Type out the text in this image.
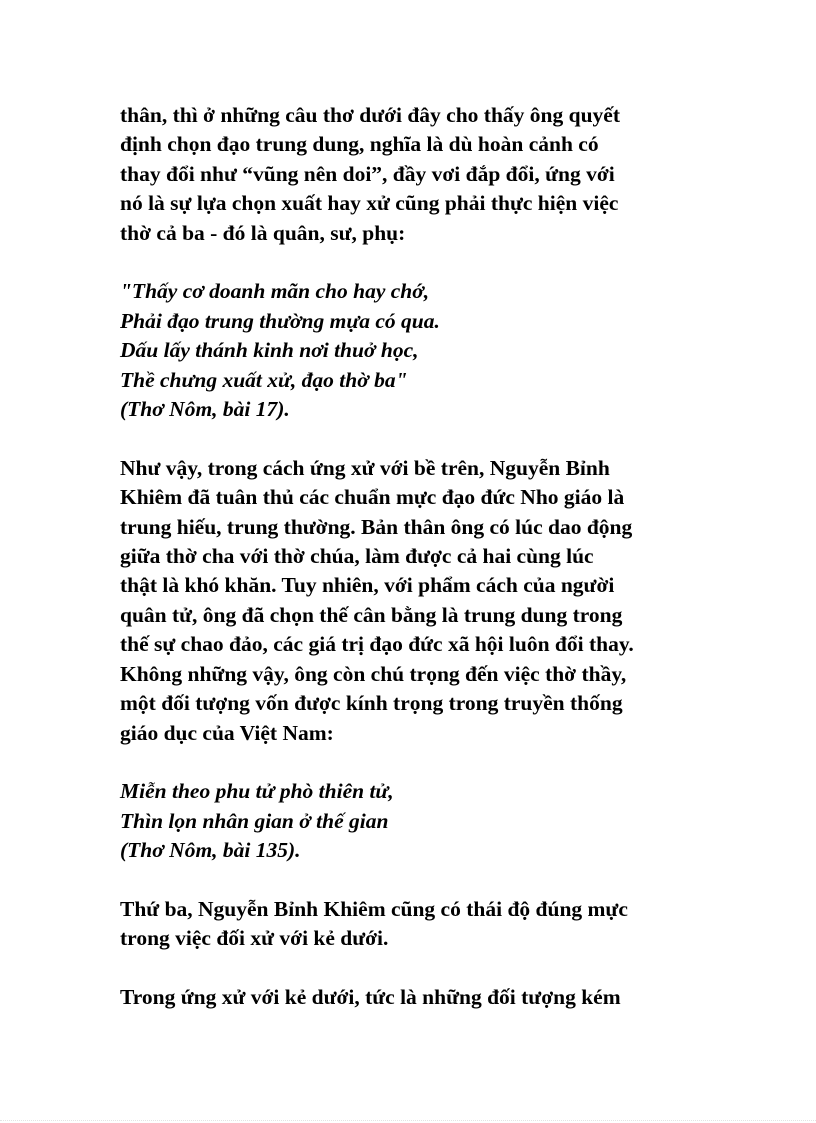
thân, thì ở những câu thơ dưới đây cho thấy ông quyết
định chọn đạo trung dung, nghĩa là dù hoàn cảnh có
thay đổi như “vũng nên doi”, đầy vơi đắp đổi, ứng với
nó là sự lựa chọn xuất hay xử cũng phải thực hiện việc
thờ cả ba - đó là quân, sư, phụ:
"Thấy cơ doanh mãn cho hay chớ,
Phải đạo trung thường mựa có qua.
Dấu lấy thánh kinh nơi thuở học,
Thề chưng xuất xử, đạo thờ ba"
(Thơ Nôm, bài 17).
Như vậy, trong cách ứng xử với bề trên, Nguyễn Bỉnh
Khiêm đã tuân thủ các chuẩn mực đạo đức Nho giáo là
trung hiếu, trung thường. Bản thân ông có lúc dao động
giữa thờ cha với thờ chúa, làm được cả hai cùng lúc
thật là khó khăn. Tuy nhiên, với phẩm cách của người
quân tử, ông đã chọn thế cân bằng là trung dung trong
thế sự chao đảo, các giá trị đạo đức xã hội luôn đổi thay.
Không những vậy, ông còn chú trọng đến việc thờ thầy,
một đối tượng vốn được kính trọng trong truyền thống
giáo dục của Việt Nam:
Miễn theo phu tử phò thiên tử,
Thìn lọn nhân gian ở thế gian
(Thơ Nôm, bài 135).
Thứ ba, Nguyễn Bỉnh Khiêm cũng có thái độ đúng mực
trong việc đối xử với kẻ dưới.
Trong ứng xử với kẻ dưới, tức là những đối tượng kém
